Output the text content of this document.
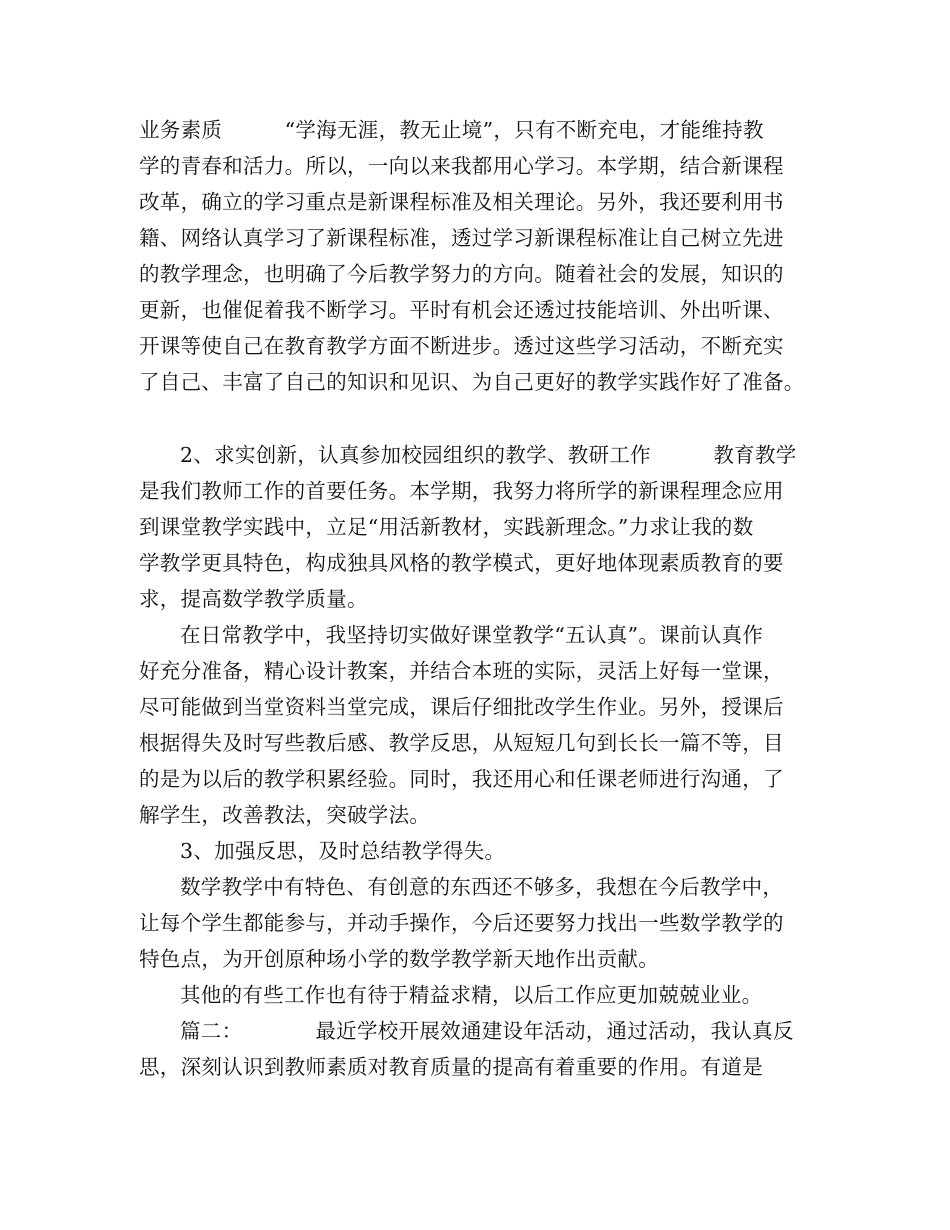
业务素质　　　“学海无涯，教无止境”，只有不断充电，才能维持教
学的青春和活力。所以，一向以来我都用心学习。本学期，结合新课程
改革，确立的学习重点是新课程标准及相关理论。另外，我还要利用书
籍、网络认真学习了新课程标准，透过学习新课程标准让自己树立先进
的教学理念，也明确了今后教学努力的方向。随着社会的发展，知识的
更新，也催促着我不断学习。平时有机会还透过技能培训、外出听课、
开课等使自己在教育教学方面不断进步。透过这些学习活动，不断充实
了自己、丰富了自己的知识和见识、为自己更好的教学实践作好了准备。
2、求实创新，认真参加校园组织的教学、教研工作　　　教育教学
是我们教师工作的首要任务。本学期，我努力将所学的新课程理念应用
到课堂教学实践中，立足“用活新教材，实践新理念。”力求让我的数
学教学更具特色，构成独具风格的教学模式，更好地体现素质教育的要
求，提高数学教学质量。
在日常教学中，我坚持切实做好课堂教学“五认真”。课前认真作
好充分准备，精心设计教案，并结合本班的实际，灵活上好每一堂课，
尽可能做到当堂资料当堂完成，课后仔细批改学生作业。另外，授课后
根据得失及时写些教后感、教学反思，从短短几句到长长一篇不等，目
的是为以后的教学积累经验。同时，我还用心和任课老师进行沟通，了
解学生，改善教法，突破学法。
3、加强反思，及时总结教学得失。
数学教学中有特色、有创意的东西还不够多，我想在今后教学中，
让每个学生都能参与，并动手操作，今后还要努力找出一些数学教学的
特色点，为开创原种场小学的数学教学新天地作出贡献。
其他的有些工作也有待于精益求精，以后工作应更加兢兢业业。
篇二：　　　　最近学校开展效通建设年活动，通过活动，我认真反
思，深刻认识到教师素质对教育质量的提高有着重要的作用。有道是
